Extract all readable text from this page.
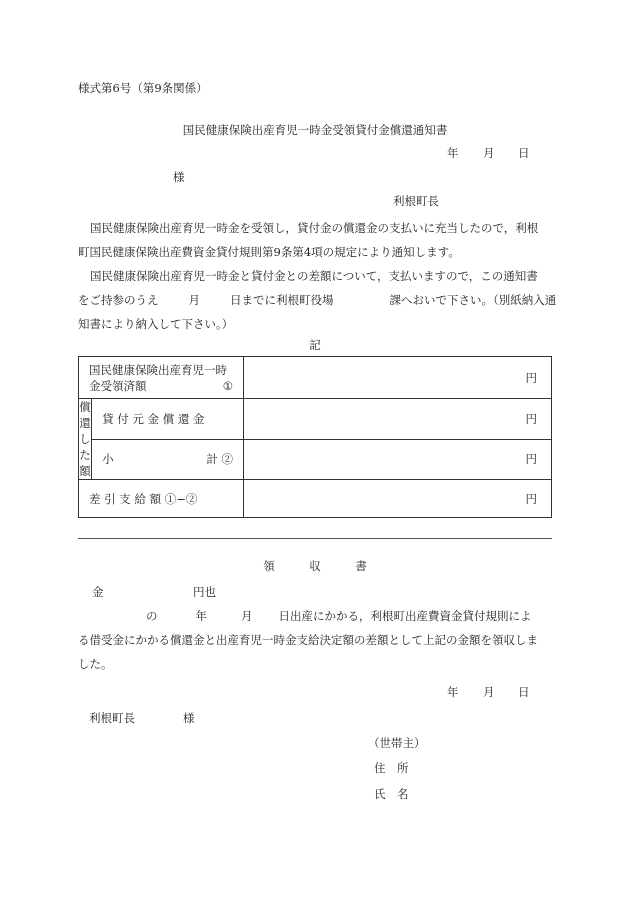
様式第6号（第9条関係）
国民健康保険出産育児一時金受領貸付金償還通知書
年 月 日
様
利根町長
国民健康保険出産育児一時金を受領し，貸付金の償還金の支払いに充当したので，利根
町国民健康保険出産費資金貸付規則第9条第4項の規定により通知します。
国民健康保険出産育児一時金と貸付金との差額について，支払いますので，この通知書
をご持参のうえ	月	日までに利根町役場	課へおいで下さい。（別紙納入通
知書により納入して下さい。）
記
国民健康保険出産育児一時
金受領済額 ①		円

償
還
し
た
額	貸 付 元 金 償 還 金	円

	小 計 ②	円
差 引 支 給 額 ①−②		円
領　　　収　　　書
金	円也
の	年	月 日出産にかかる，利根町出産費資金貸付規則によ
る借受金にかかる償還金と出産育児一時金支給決定額の差額として上記の金額を領収しま
した。
年 月 日
利根町長	様
（世帯主）
住　所
氏　名
